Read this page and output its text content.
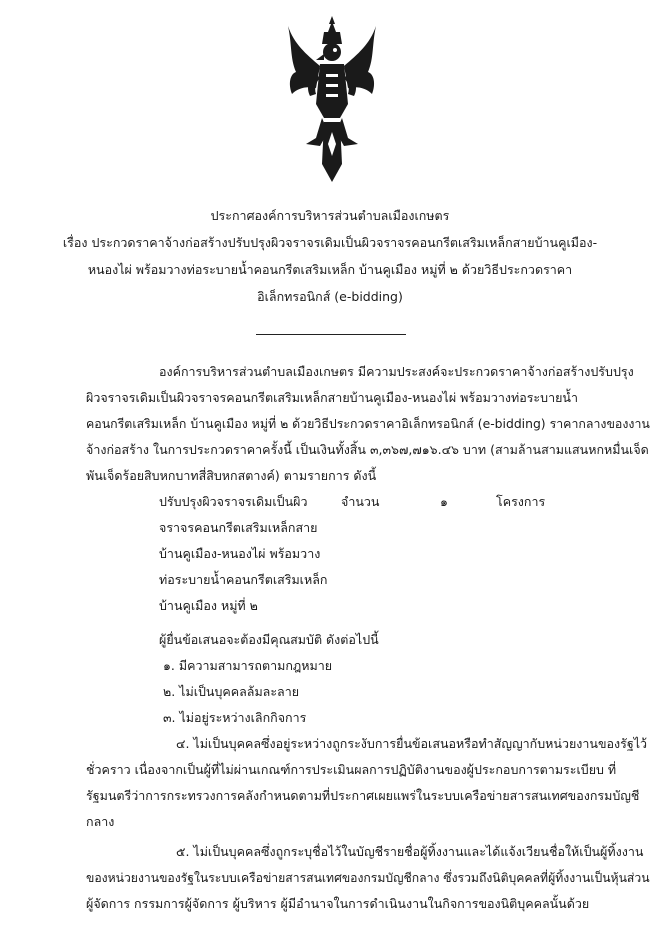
ประกาศองค์การบริหารส่วนตำบลเมืองเกษตร
เรื่อง ประกวดราคาจ้างก่อสร้างปรับปรุงผิวจราจรเดิมเป็นผิวจราจรคอนกรีตเสริมเหล็กสายบ้านคูเมือง-
หนองไผ่ พร้อมวางท่อระบายน้ำคอนกรีตเสริมเหล็ก บ้านคูเมือง หมู่ที่ ๒ ด้วยวิธีประกวดราคา
อิเล็กทรอนิกส์ (e-bidding)
องค์การบริหารส่วนตำบลเมืองเกษตร มีความประสงค์จะประกวดราคาจ้างก่อสร้างปรับปรุง
ผิวจราจรเดิมเป็นผิวจราจรคอนกรีตเสริมเหล็กสายบ้านคูเมือง-หนองไผ่ พร้อมวางท่อระบายน้ำ
คอนกรีตเสริมเหล็ก บ้านคูเมือง หมู่ที่ ๒ ด้วยวิธีประกวดราคาอิเล็กทรอนิกส์ (e-bidding) ราคากลางของงาน
จ้างก่อสร้าง ในการประกวดราคาครั้งนี้ เป็นเงินทั้งสิ้น ๓,๓๖๗,๗๑๖.๔๖ บาท (สามล้านสามแสนหกหมื่นเจ็ด
พันเจ็ดร้อยสิบหกบาทสี่สิบหกสตางค์) ตามรายการ ดังนี้
ปรับปรุงผิวจราจรเดิมเป็นผิว
จราจรคอนกรีตเสริมเหล็กสาย
บ้านคูเมือง-หนองไผ่ พร้อมวาง
ท่อระบายน้ำคอนกรีตเสริมเหล็ก
บ้านคูเมือง หมู่ที่ ๒
จำนวน	๑	โครงการ
ผู้ยื่นข้อเสนอจะต้องมีคุณสมบัติ ดังต่อไปนี้
๑. มีความสามารถตามกฎหมาย
๒. ไม่เป็นบุคคลล้มละลาย
๓. ไม่อยู่ระหว่างเลิกกิจการ
๔. ไม่เป็นบุคคลซึ่งอยู่ระหว่างถูกระงับการยื่นข้อเสนอหรือทำสัญญากับหน่วยงานของรัฐไว้
ชั่วคราว เนื่องจากเป็นผู้ที่ไม่ผ่านเกณฑ์การประเมินผลการปฏิบัติงานของผู้ประกอบการตามระเบียบ ที่
รัฐมนตรีว่าการกระทรวงการคลังกำหนดตามที่ประกาศเผยแพร่ในระบบเครือข่ายสารสนเทศของกรมบัญชี
กลาง
๕. ไม่เป็นบุคคลซึ่งถูกระบุชื่อไว้ในบัญชีรายชื่อผู้ทิ้งงานและได้แจ้งเวียนชื่อให้เป็นผู้ทิ้งงาน
ของหน่วยงานของรัฐในระบบเครือข่ายสารสนเทศของกรมบัญชีกลาง ซึ่งรวมถึงนิติบุคคลที่ผู้ทิ้งงานเป็นหุ้นส่วน
ผู้จัดการ กรรมการผู้จัดการ ผู้บริหาร ผู้มีอำนาจในการดำเนินงานในกิจการของนิติบุคคลนั้นด้วย
